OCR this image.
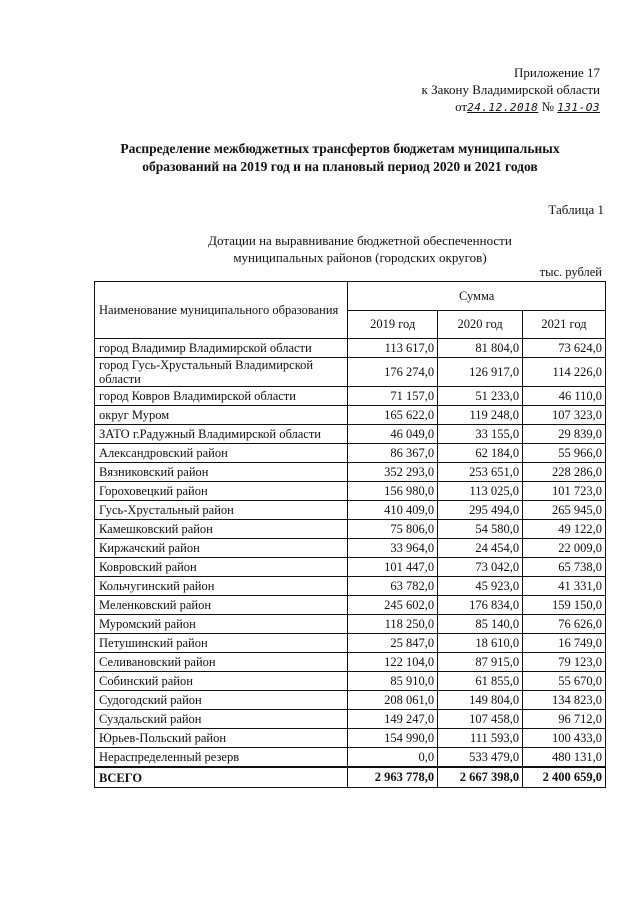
Приложение 17
к Закону Владимирской области
от24.12.2018 № 131-ОЗ
Распределение межбюджетных трансфертов бюджетам муниципальных
образований на 2019 год и на плановый период 2020 и 2021 годов
Таблица 1
Дотации на выравнивание бюджетной обеспеченности
муниципальных районов (городских округов)
тыс. рублей
Наименование муниципального образования	Сумма		
	2019 год	2020 год	2021 год
город Владимир Владимирской области	113 617,0	81 804,0	73 624,0
город Гусь-Хрустальный Владимирской области	176 274,0	126 917,0	114 226,0
город Ковров Владимирской области	71 157,0	51 233,0	46 110,0
округ Муром	165 622,0	119 248,0	107 323,0
ЗАТО г.Радужный Владимирской области	46 049,0	33 155,0	29 839,0
Александровский район	86 367,0	62 184,0	55 966,0
Вязниковский район	352 293,0	253 651,0	228 286,0
Гороховецкий район	156 980,0	113 025,0	101 723,0
Гусь-Хрустальный район	410 409,0	295 494,0	265 945,0
Камешковский район	75 806,0	54 580,0	49 122,0
Киржачский район	33 964,0	24 454,0	22 009,0
Ковровский район	101 447,0	73 042,0	65 738,0
Кольчугинский район	63 782,0	45 923,0	41 331,0
Меленковский район	245 602,0	176 834,0	159 150,0
Муромский район	118 250,0	85 140,0	76 626,0
Петушинский район	25 847,0	18 610,0	16 749,0
Селивановский район	122 104,0	87 915,0	79 123,0
Собинский район	85 910,0	61 855,0	55 670,0
Судогодский район	208 061,0	149 804,0	134 823,0
Суздальский район	149 247,0	107 458,0	96 712,0
Юрьев-Польский район	154 990,0	111 593,0	100 433,0
Нераспределенный резерв	0,0	533 479,0	480 131,0
ВСЕГО	2 963 778,0	2 667 398,0	2 400 659,0
